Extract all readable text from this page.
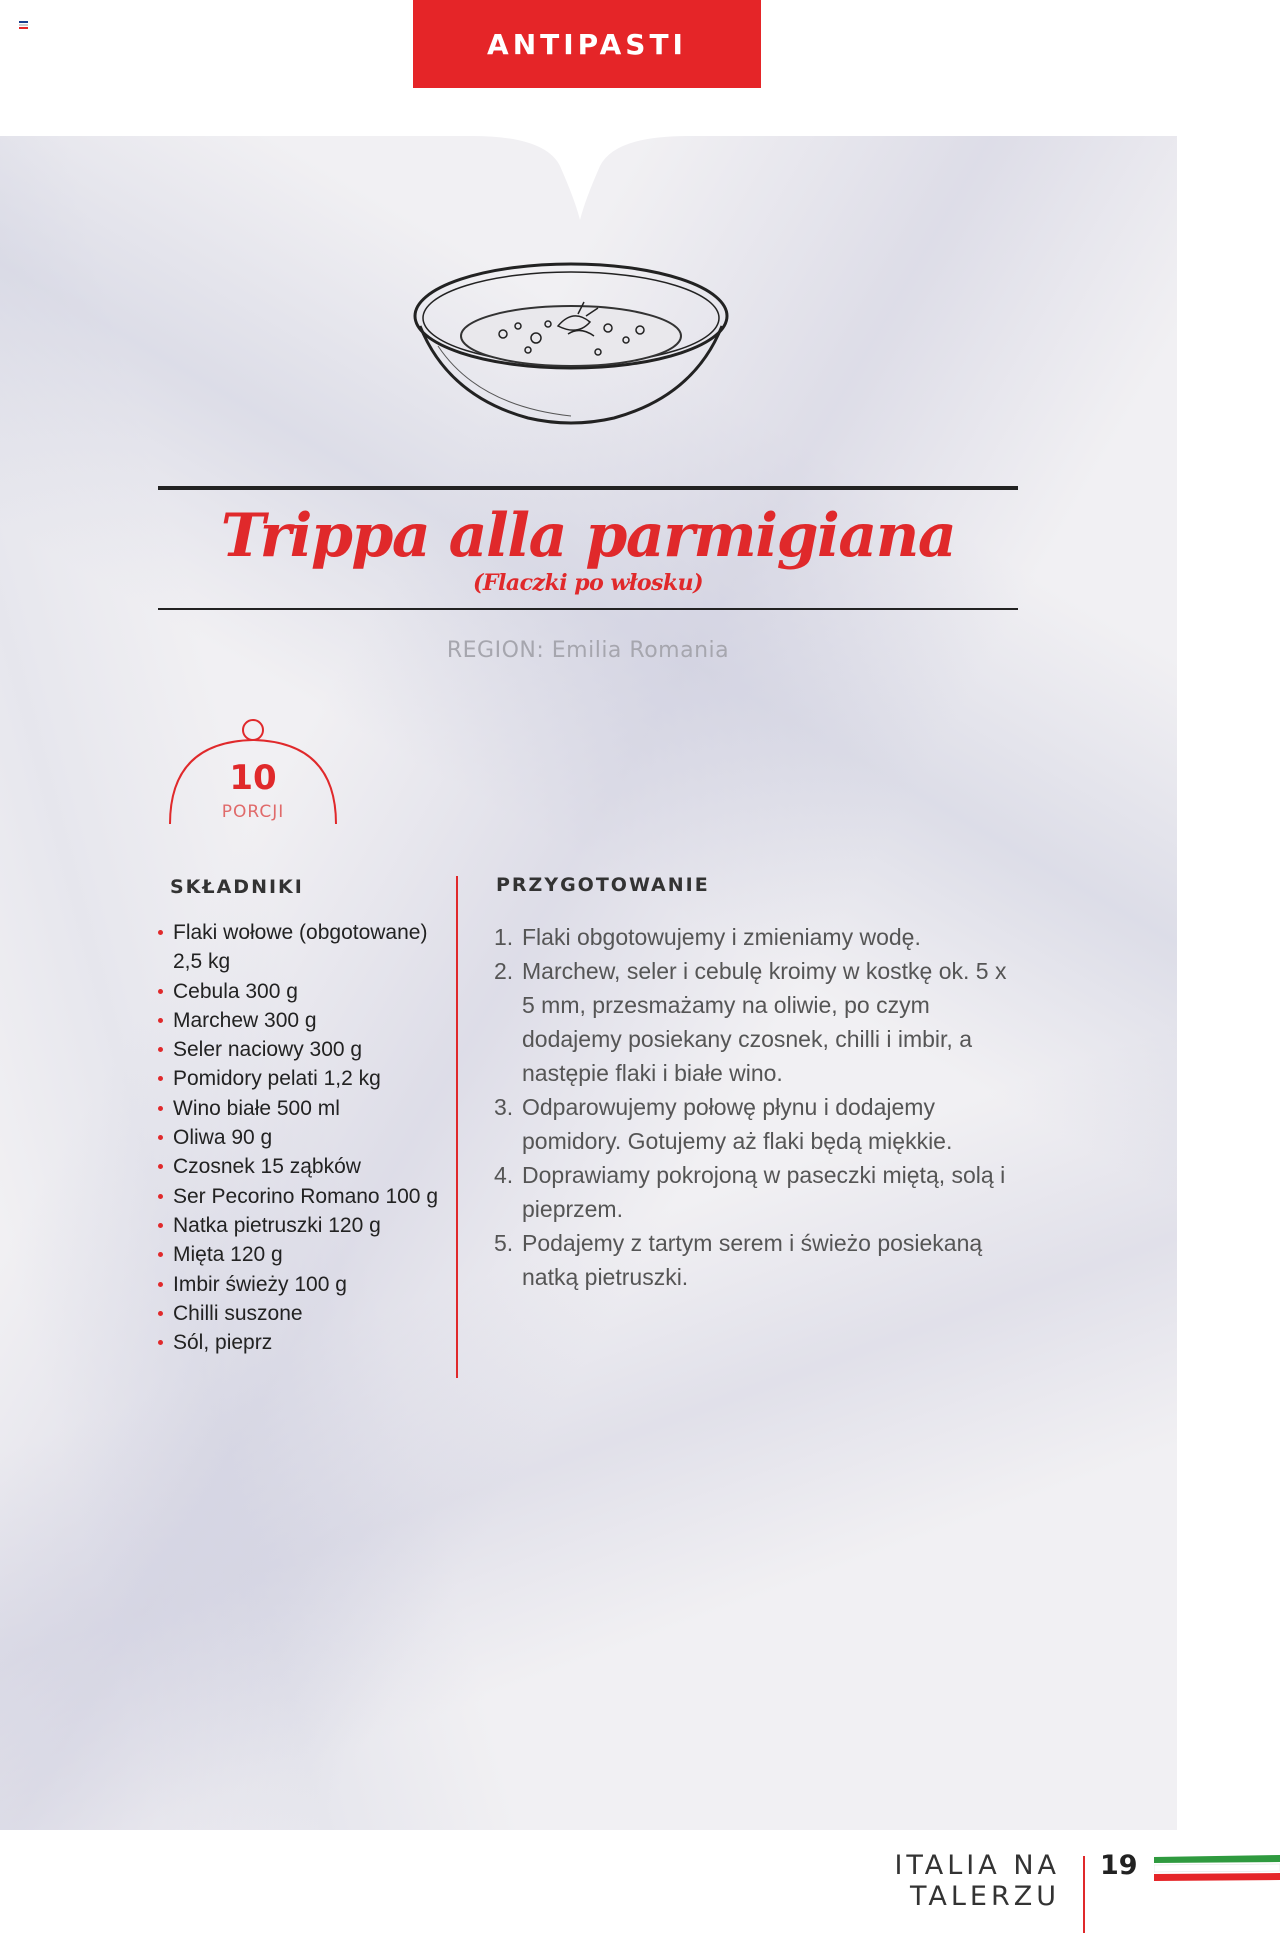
ANTIPASTI
Trippa alla parmigiana
(Flaczki po włosku)
REGION: Emilia Romania
10
PORCJI
SKŁADNIKI
Flaki wołowe (obgotowane) 2,5 kg
Cebula 300 g
Marchew 300 g
Seler naciowy 300 g
Pomidory pelati 1,2 kg
Wino białe 500 ml
Oliwa 90 g
Czosnek 15 ząbków
Ser Pecorino Romano 100 g
Natka pietruszki 120 g
Mięta 120 g
Imbir świeży 100 g
Chilli suszone
Sól, pieprz
PRZYGOTOWANIE
1. Flaki obgotowujemy i zmieniamy wodę.
2. Marchew, seler i cebulę kroimy w kostkę ok. 5 x 5 mm, przesmażamy na oliwie, po czym dodajemy posiekany czosnek, chilli i imbir, a następie flaki i białe wino.
3. Odparowujemy połowę płynu i dodajemy pomidory. Gotujemy aż flaki będą miękkie.
4. Doprawiamy pokrojoną w paseczki miętą, solą i pieprzem.
5. Podajemy z tartym serem i świeżo posiekaną natką pietruszki.
ITALIA NA TALERZU
19
